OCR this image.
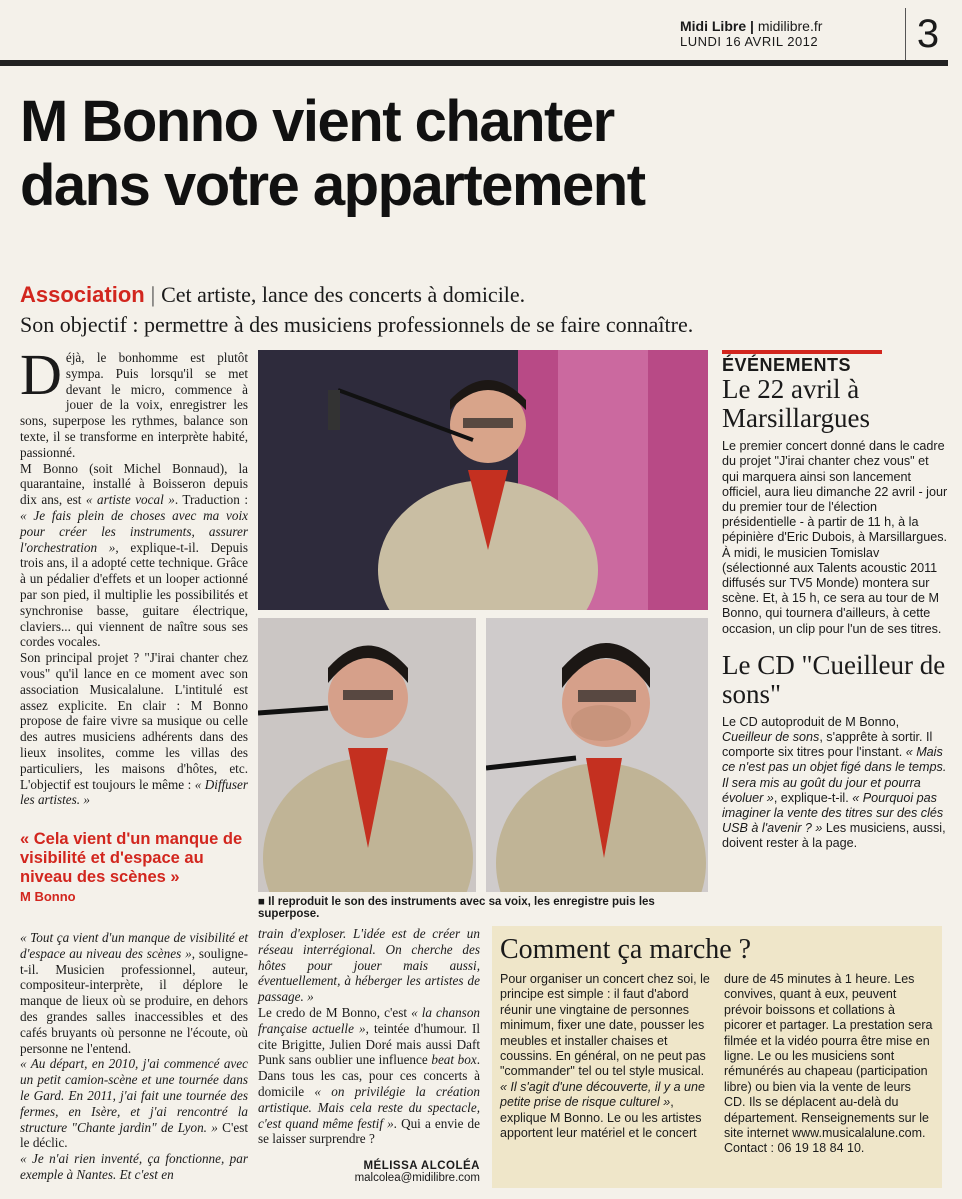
Midi Libre | midilibre.fr
LUNDI 16 AVRIL 2012	3
M Bonno vient chanter
dans votre appartement
Association | Cet artiste, lance des concerts à domicile.
Son objectif : permettre à des musiciens professionnels de se faire connaître.

Déjà, le bonhomme est plutôt sympa. Puis lorsqu'il se met devant le micro, commence à jouer de la voix, enregistrer les sons, superpose les rythmes, balance son texte, il se transforme en interprète habité, passionné.

M Bonno (soit Michel Bonnaud), la quarantaine, installé à Boisseron depuis dix ans, est « artiste vocal ». Traduction : « Je fais plein de choses avec ma voix pour créer les instruments, assurer l'orchestration », explique-t-il. Depuis trois ans, il a adopté cette technique. Grâce à un pédalier d'effets et un looper actionné par son pied, il multiplie les possibilités et synchronise basse, guitare électrique, claviers... qui viennent de naître sous ses cordes vocales.

Son principal projet ? "J'irai chanter chez vous" qu'il lance en ce moment avec son association Musicalalune. L'intitulé est assez explicite. En clair : M Bonno propose de faire vivre sa musique ou celle des autres musiciens adhérents dans des lieux insolites, comme les villas des particuliers, les maisons d'hôtes, etc. L'objectif est toujours le même : « Diffuser les artistes. »

« Cela vient d'un manque de visibilité et d'espace au niveau des scènes »
M Bonno

« Tout ça vient d'un manque de visibilité et d'espace au niveau des scènes », souligne-t-il. Musicien professionnel, auteur, compositeur-interprète, il déplore le manque de lieux où se produire, en dehors des grandes salles inaccessibles et des cafés bruyants où personne ne l'écoute, où personne ne l'entend.

« Au départ, en 2010, j'ai commencé avec un petit camion-scène et une tournée dans le Gard. En 2011, j'ai fait une tournée des fermes, en Isère, et j'ai rencontré la structure "Chante jardin" de Lyon. » C'est le déclic.

« Je n'ai rien inventé, ça fonctionne, par exemple à Nantes. Et c'est en

train d'exploser. L'idée est de créer un réseau interrégional. On cherche des hôtes pour jouer mais aussi, éventuellement, à héberger les artistes de passage. »

Le credo de M Bonno, c'est « la chanson française actuelle », teintée d'humour. Il cite Brigitte, Julien Doré mais aussi Daft Punk sans oublier une influence beat box. Dans tous les cas, pour ces concerts à domicile « on privilégie la création artistique. Mais cela reste du spectacle, c'est quand même festif ». Qui a envie de se laisser surprendre ?

MÉLISSA ALCOLÉA
malcolea@midilibre.com
■ Il reproduit le son des instruments avec sa voix, les enregistre puis les superpose.
ÉVÉNEMENTS
Le 22 avril à Marsillargues

Le premier concert donné dans le cadre du projet "J'irai chanter chez vous" et qui marquera ainsi son lancement officiel, aura lieu dimanche 22 avril - jour du premier tour de l'élection présidentielle - à partir de 11 h, à la pépinière d'Eric Dubois, à Marsillargues. À midi, le musicien Tomislav (sélectionné aux Talents acoustic 2011 diffusés sur TV5 Monde) montera sur scène. Et, à 15 h, ce sera au tour de M Bonno, qui tournera d'ailleurs, à cette occasion, un clip pour l'un de ses titres.

Le CD "Cueilleur de sons"

Le CD autoproduit de M Bonno, Cueilleur de sons, s'apprête à sortir. Il comporte six titres pour l'instant. « Mais ce n'est pas un objet figé dans le temps. Il sera mis au goût du jour et pourra évoluer », explique-t-il. « Pourquoi pas imaginer la vente des titres sur des clés USB à l'avenir ? » Les musiciens, aussi, doivent rester à la page.

Comment ça marche ?
Pour organiser un concert chez soi, le principe est simple : il faut d'abord réunir une vingtaine de personnes minimum, fixer une date, pousser les meubles et installer chaises et coussins. En général, on ne peut pas "commander" tel ou tel style musical. « Il s'agit d'une découverte, il y a une petite prise de risque culturel », explique M Bonno. Le ou les artistes apportent leur matériel et le concert
dure de 45 minutes à 1 heure. Les convives, quant à eux, peuvent prévoir boissons et collations à picorer et partager. La prestation sera filmée et la vidéo pourra être mise en ligne. Le ou les musiciens sont rémunérés au chapeau (participation libre) ou bien via la vente de leurs CD. Ils se déplacent au-delà du département. Renseignements sur le site internet www.musicalalune.com. Contact : 06 19 18 84 10.
